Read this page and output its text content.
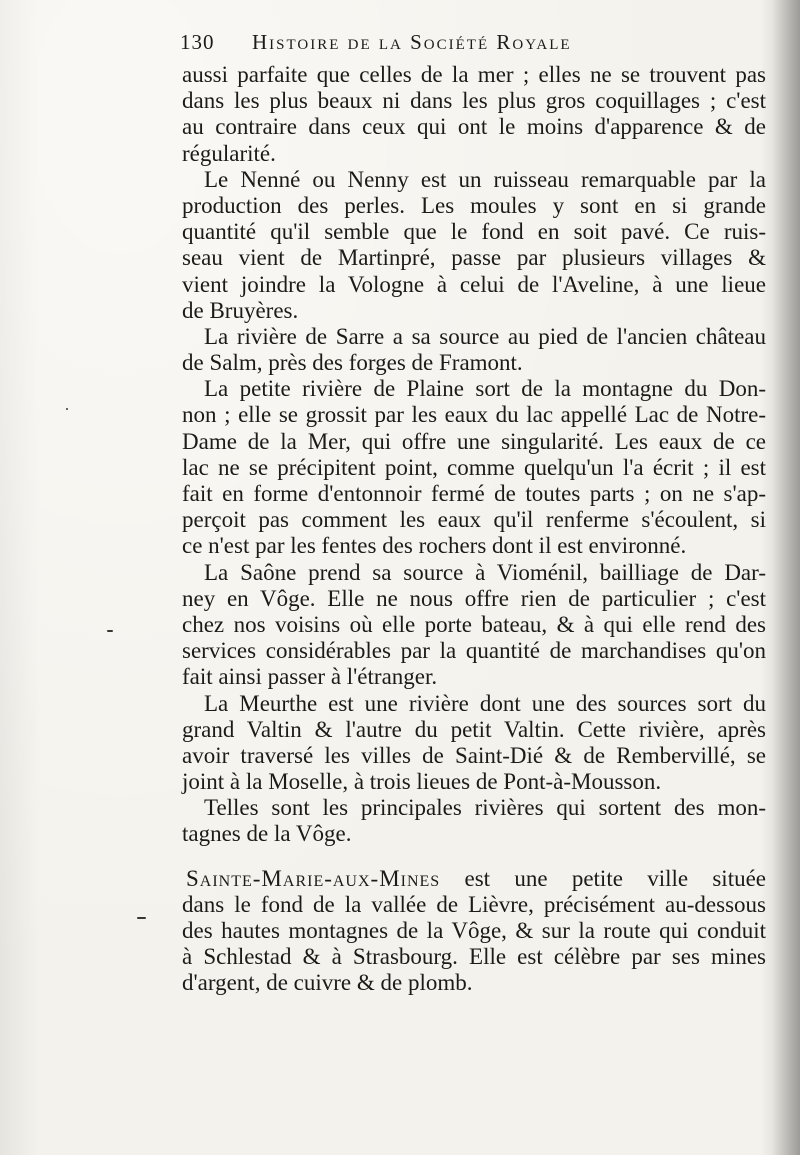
130 Histoire de la Société Royale
aussi parfaite que celles de la mer ; elles ne se trouvent pas
dans les plus beaux ni dans les plus gros coquillages ; c'est
au contraire dans ceux qui ont le moins d'apparence & de
régularité.
Le Nenné ou Nenny est un ruisseau remarquable par la
production des perles. Les moules y sont en si grande
quantité qu'il semble que le fond en soit pavé. Ce ruis-
seau vient de Martinpré, passe par plusieurs villages &
vient joindre la Vologne à celui de l'Aveline, à une lieue
de Bruyères.
La rivière de Sarre a sa source au pied de l'ancien château
de Salm, près des forges de Framont.
La petite rivière de Plaine sort de la montagne du Don-
non ; elle se grossit par les eaux du lac appellé Lac de Notre-
Dame de la Mer, qui offre une singularité. Les eaux de ce
lac ne se précipitent point, comme quelqu'un l'a écrit ; il est
fait en forme d'entonnoir fermé de toutes parts ; on ne s'ap-
perçoit pas comment les eaux qu'il renferme s'écoulent, si
ce n'est par les fentes des rochers dont il est environné.
La Saône prend sa source à Vioménil, bailliage de Dar-
ney en Vôge. Elle ne nous offre rien de particulier ; c'est
chez nos voisins où elle porte bateau, & à qui elle rend des
services considérables par la quantité de marchandises qu'on
fait ainsi passer à l'étranger.
La Meurthe est une rivière dont une des sources sort du
grand Valtin & l'autre du petit Valtin. Cette rivière, après
avoir traversé les villes de Saint-Dié & de Rembervillé, se
joint à la Moselle, à trois lieues de Pont-à-Mousson.
Telles sont les principales rivières qui sortent des mon-
tagnes de la Vôge.
Sainte-Marie-aux-Mines est une petite ville située
dans le fond de la vallée de Lièvre, précisément au-dessous
des hautes montagnes de la Vôge, & sur la route qui conduit
à Schlestad & à Strasbourg. Elle est célèbre par ses mines
d'argent, de cuivre & de plomb.
